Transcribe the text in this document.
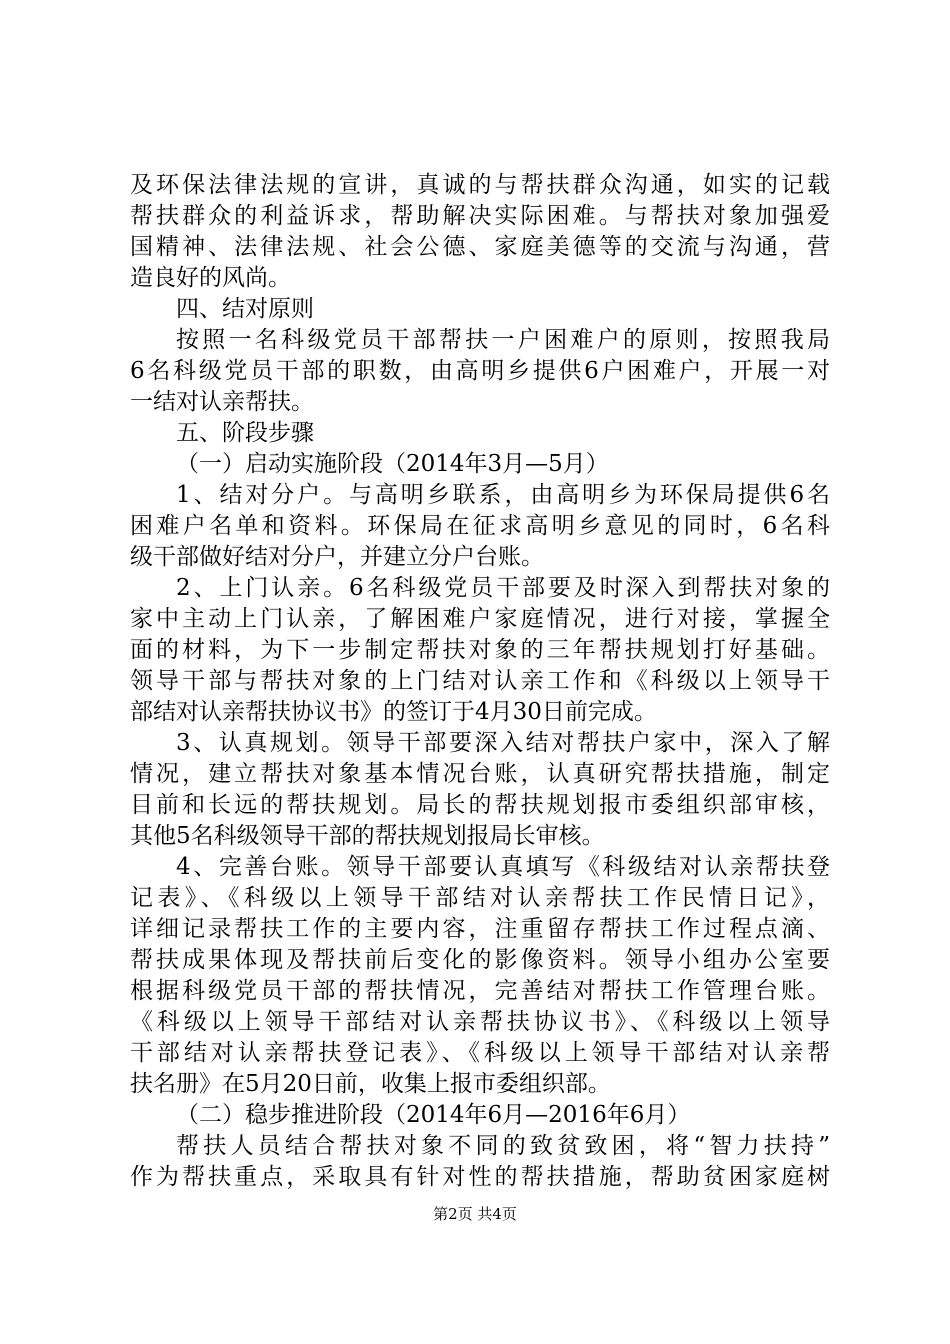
及环保法律法规的宣讲，真诚的与帮扶群众沟通，如实的记载
帮扶群众的利益诉求，帮助解决实际困难。与帮扶对象加强爱
国精神、法律法规、社会公德、家庭美德等的交流与沟通，营
造良好的风尚。
四、结对原则
按照一名科级党员干部帮扶一户困难户的原则，按照我局
6名科级党员干部的职数，由高明乡提供6户困难户，开展一对
一结对认亲帮扶。
五、阶段步骤
（一）启动实施阶段（2014年3月—5月）
1、结对分户。与高明乡联系，由高明乡为环保局提供6名
困难户名单和资料。环保局在征求高明乡意见的同时，6名科
级干部做好结对分户，并建立分户台账。
2、上门认亲。6名科级党员干部要及时深入到帮扶对象的
家中主动上门认亲，了解困难户家庭情况，进行对接，掌握全
面的材料，为下一步制定帮扶对象的三年帮扶规划打好基础。
领导干部与帮扶对象的上门结对认亲工作和《科级以上领导干
部结对认亲帮扶协议书》的签订于4月30日前完成。
3、认真规划。领导干部要深入结对帮扶户家中，深入了解
情况，建立帮扶对象基本情况台账，认真研究帮扶措施，制定
目前和长远的帮扶规划。局长的帮扶规划报市委组织部审核，
其他5名科级领导干部的帮扶规划报局长审核。
4、完善台账。领导干部要认真填写《科级结对认亲帮扶登
记表》、《科级以上领导干部结对认亲帮扶工作民情日记》，
详细记录帮扶工作的主要内容，注重留存帮扶工作过程点滴、
帮扶成果体现及帮扶前后变化的影像资料。领导小组办公室要
根据科级党员干部的帮扶情况，完善结对帮扶工作管理台账。
《科级以上领导干部结对认亲帮扶协议书》、《科级以上领导
干部结对认亲帮扶登记表》、《科级以上领导干部结对认亲帮
扶名册》在5月20日前，收集上报市委组织部。
（二）稳步推进阶段（2014年6月—2016年6月）
帮扶人员结合帮扶对象不同的致贫致困，将“智力扶持”
作为帮扶重点，采取具有针对性的帮扶措施，帮助贫困家庭树
第2页 共4页
